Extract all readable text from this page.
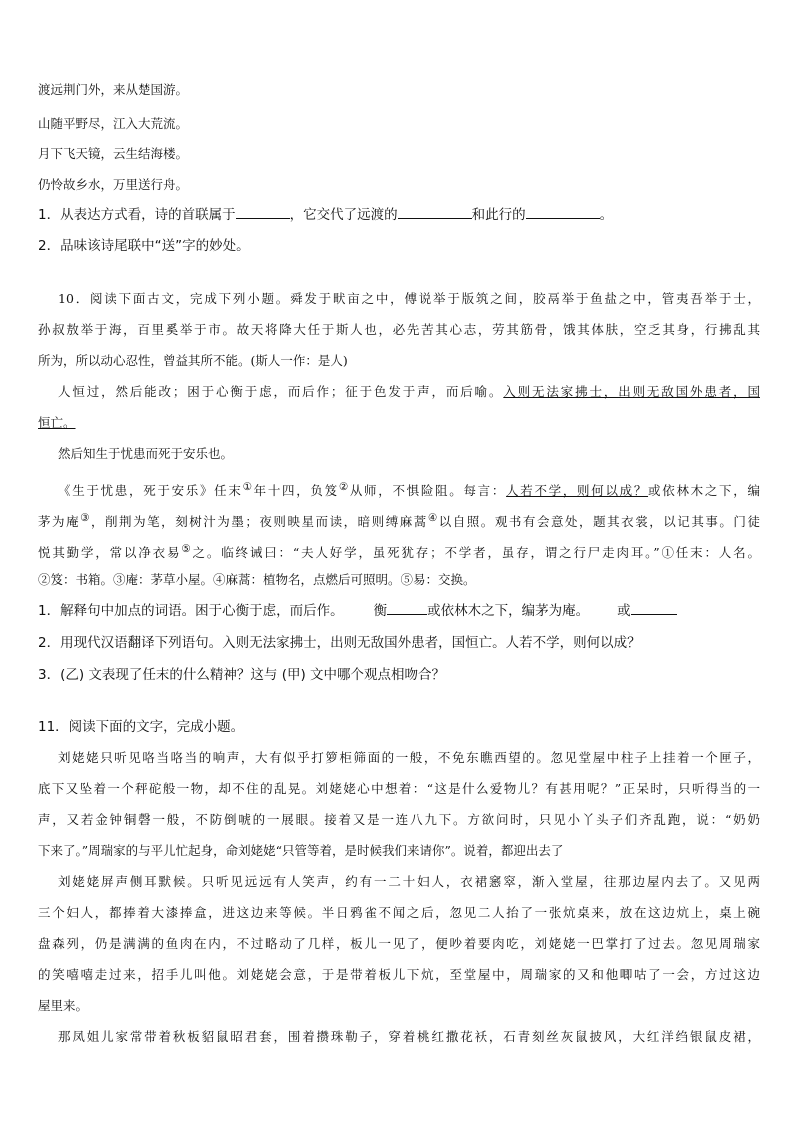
渡远荆门外，来从楚国游。
山随平野尽，江入大荒流。
月下飞天镜，云生结海楼。
仍怜故乡水，万里送行舟。
1．从表达方式看，诗的首联属于	，它交代了远渡的	和此行的	。
2．品味该诗尾联中“送”字的妙处。
10．阅读下面古文，完成下列小题。舜发于畎亩之中，傅说举于版筑之间，胶鬲举于鱼盐之中，管夷吾举于士，
孙叔敖举于海，百里奚举于市。故天将降大任于斯人也，必先苦其心志，劳其筋骨，饿其体肤，空乏其身，行拂乱其
所为，所以动心忍性，曾益其所不能。(斯人一作：是人)
人恒过，然后能改；困于心衡于虑，而后作；征于色发于声，而后喻。入则无法家拂士，出则无敌国外患者，国
恒亡。
然后知生于忧患而死于安乐也。
《生于忧患，死于安乐》任末①年十四，负笈②从师，不惧险阻。每言：人若不学，则何以成？或依林木之下，编
茅为庵③，削荆为笔，刻树汁为墨；夜则映星而读，暗则缚麻蒿④以自照。观书有会意处，题其衣裳，以记其事。门徒
悦其勤学，常以净衣易⑤之。临终诫曰：“夫人好学，虽死犹存；不学者，虽存，谓之行尸走肉耳。”①任末：人名。
②笈：书箱。③庵：茅草小屋。④麻蒿：植物名，点燃后可照明。⑤易：交换。
1．解释句中加点的词语。困于心衡于虑，而后作。 衡	或依林木之下，编茅为庵。 或
2．用现代汉语翻译下列语句。入则无法家拂士，出则无敌国外患者，国恒亡。人若不学，则何以成？
3．(乙) 文表现了任末的什么精神？这与 (甲) 文中哪个观点相吻合？
11．阅读下面的文字，完成小题。
刘姥姥只听见咯当咯当的响声，大有似乎打箩柜筛面的一般，不免东瞧西望的。忽见堂屋中柱子上挂着一个匣子，
底下又坠着一个秤砣般一物，却不住的乱晃。刘姥姥心中想着：“这是什么爱物儿？有甚用呢？”正呆时，只听得当的一
声，又若金钟铜磬一般，不防倒唬的一展眼。接着又是一连八九下。方欲问时，只见小丫头子们齐乱跑，说：“奶奶
下来了。”周瑞家的与平儿忙起身，命刘姥姥“只管等着，是时候我们来请你”。说着，都迎出去了
刘姥姥屏声侧耳默候。只听见远远有人笑声，约有一二十妇人，衣裙窸窣，渐入堂屋，往那边屋内去了。又见两
三个妇人，都捧着大漆捧盒，进这边来等候。半日鸦雀不闻之后，忽见二人抬了一张炕桌来，放在这边炕上，桌上碗
盘森列，仍是满满的鱼肉在内，不过略动了几样，板儿一见了，便吵着要肉吃，刘姥姥一巴掌打了过去。忽见周瑞家
的笑嘻嘻走过来，招手儿叫他。刘姥姥会意，于是带着板儿下炕，至堂屋中，周瑞家的又和他唧咕了一会，方过这边
屋里来。
那凤姐儿家常带着秋板貂鼠昭君套，围着攒珠勒子，穿着桃红撒花袄，石青刻丝灰鼠披风，大红洋绉银鼠皮裙，
